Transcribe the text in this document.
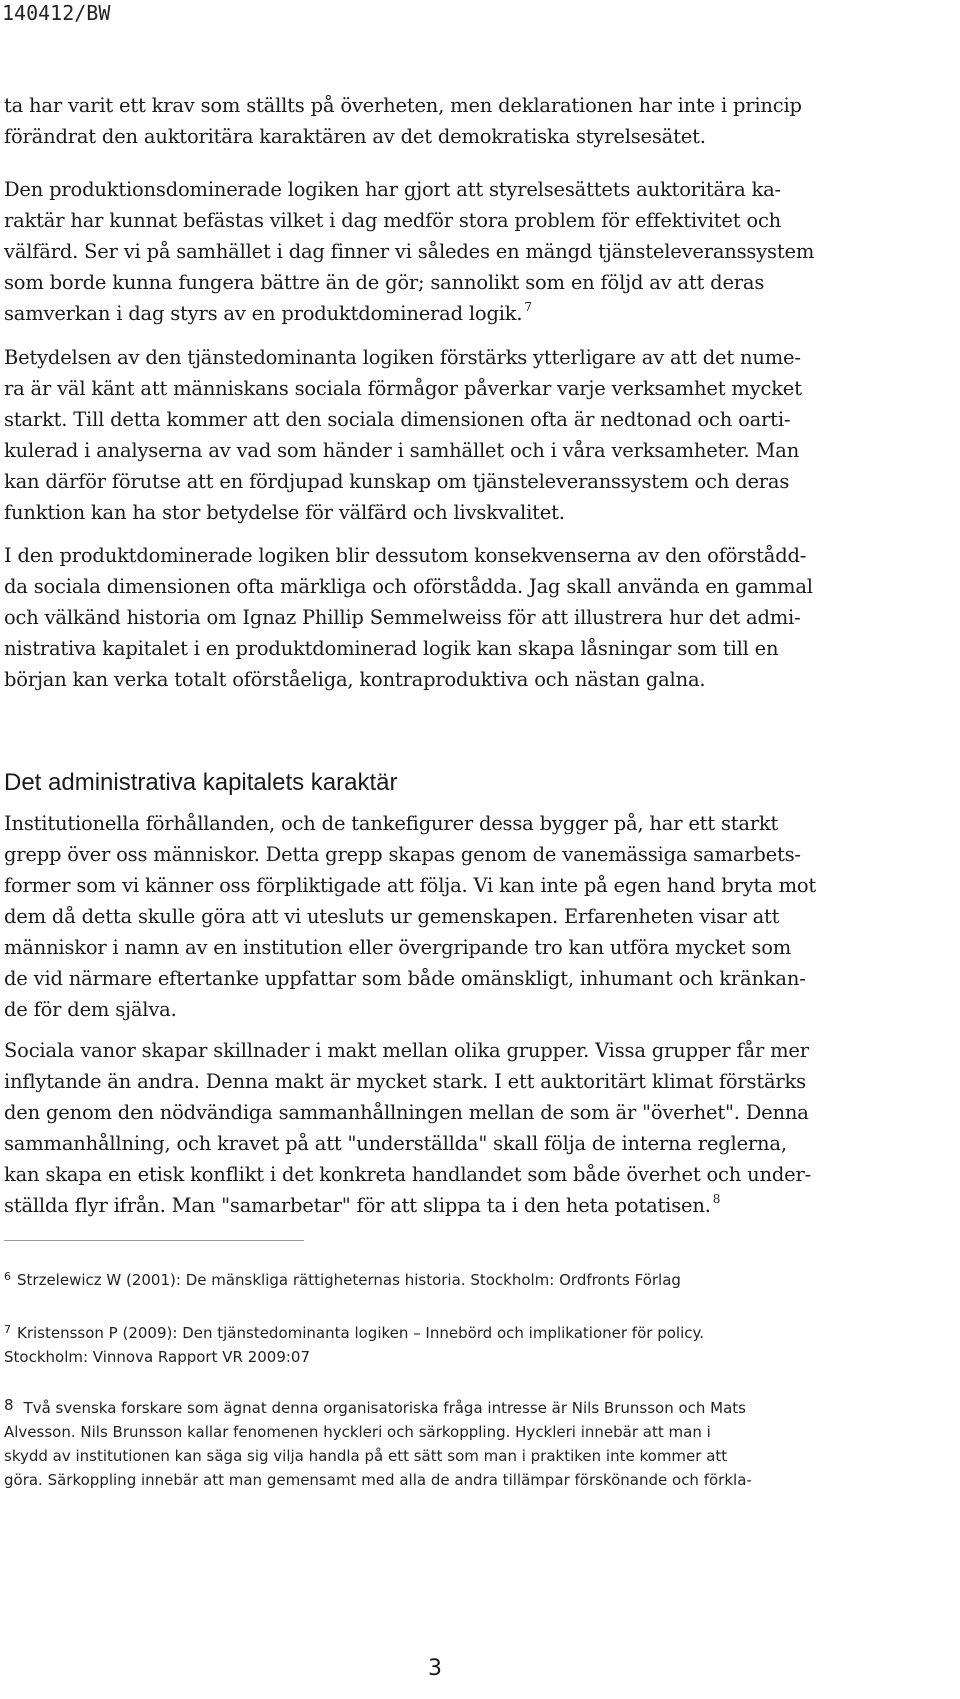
140412/BW

ta har varit ett krav som ställts på överheten, men deklarationen har inte i princip
förändrat den auktoritära karaktären av det demokratiska styrelsesätet.

Den produktionsdominerade logiken har gjort att styrelsesättets auktoritära ka-
raktär har kunnat befästas vilket i dag medför stora problem för effektivitet och
välfärd. Ser vi på samhället i dag finner vi således en mängd tjänsteleveranssystem
som borde kunna fungera bättre än de gör; sannolikt som en följd av att deras
samverkan i dag styrs av en produktdominerad logik. $^7$

Betydelsen av den tjänstedominanta logiken förstärks ytterligare av att det nume-
ra är väl känt att människans sociala förmågor påverkar varje verksamhet mycket
starkt. Till detta kommer att den sociala dimensionen ofta är nedtonad och oarti-
kulerad i analyserna av vad som händer i samhället och i våra verksamheter. Man
kan därför förutse att en fördjupad kunskap om tjänsteleveranssystem och deras
funktion kan ha stor betydelse för välfärd och livskvalitet.

I den produktdominerade logiken blir dessutom konsekvenserna av den oförstådd-
da sociala dimensionen ofta märkliga och oförstådda. Jag skall använda en gammal
och välkänd historia om Ignaz Phillip Semmelweiss för att illustrera hur det admi-
nistrativa kapitalet i en produktdominerad logik kan skapa låsningar som till en
början kan verka totalt oförståeliga, kontraproduktiva och nästan galna.

Det administrativa kapitalets karaktär

Institutionella förhållanden, och de tankefigurer dessa bygger på, har ett starkt
grepp över oss människor. Detta grepp skapas genom de vanemässiga samarbets-
former som vi känner oss förpliktigade att följa. Vi kan inte på egen hand bryta mot
dem då detta skulle göra att vi utesluts ur gemenskapen. Erfarenheten visar att
människor i namn av en institution eller övergripande tro kan utföra mycket som
de vid närmare eftertanke uppfattar som både omänskligt, inhumant och kränkan-
de för dem själva.

Sociala vanor skapar skillnader i makt mellan olika grupper. Vissa grupper får mer
inflytande än andra. Denna makt är mycket stark. I ett auktoritärt klimat förstärks
den genom den nödvändiga sammanhållningen mellan de som är "överhet". Denna
sammanhållning, och kravet på att "underställda" skall följa de interna reglerna,
kan skapa en etisk konflikt i det konkreta handlandet som både överhet och under-
ställda flyr ifrån. Man "samarbetar" för att slippa ta i den heta potatisen. $^8$

$^6$ Strzelewicz W (2001): De mänskliga rättigheternas historia. Stockholm: Ordfronts Förlag
$^7$ Kristensson P (2009): Den tjänstedominanta logiken – Innebörd och implikationer för policy.
Stockholm: Vinnova Rapport VR 2009:07
8 Två svenska forskare som ägnat denna organisatoriska fråga intresse är Nils Brunsson och Mats
Alvesson. Nils Brunsson kallar fenomenen hyckleri och särkoppling. Hyckleri innebär att man i
skydd av institutionen kan säga sig vilja handla på ett sätt som man i praktiken inte kommer att
göra. Särkoppling innebär att man gemensamt med alla de andra tillämpar förskönande och förkla-
3
